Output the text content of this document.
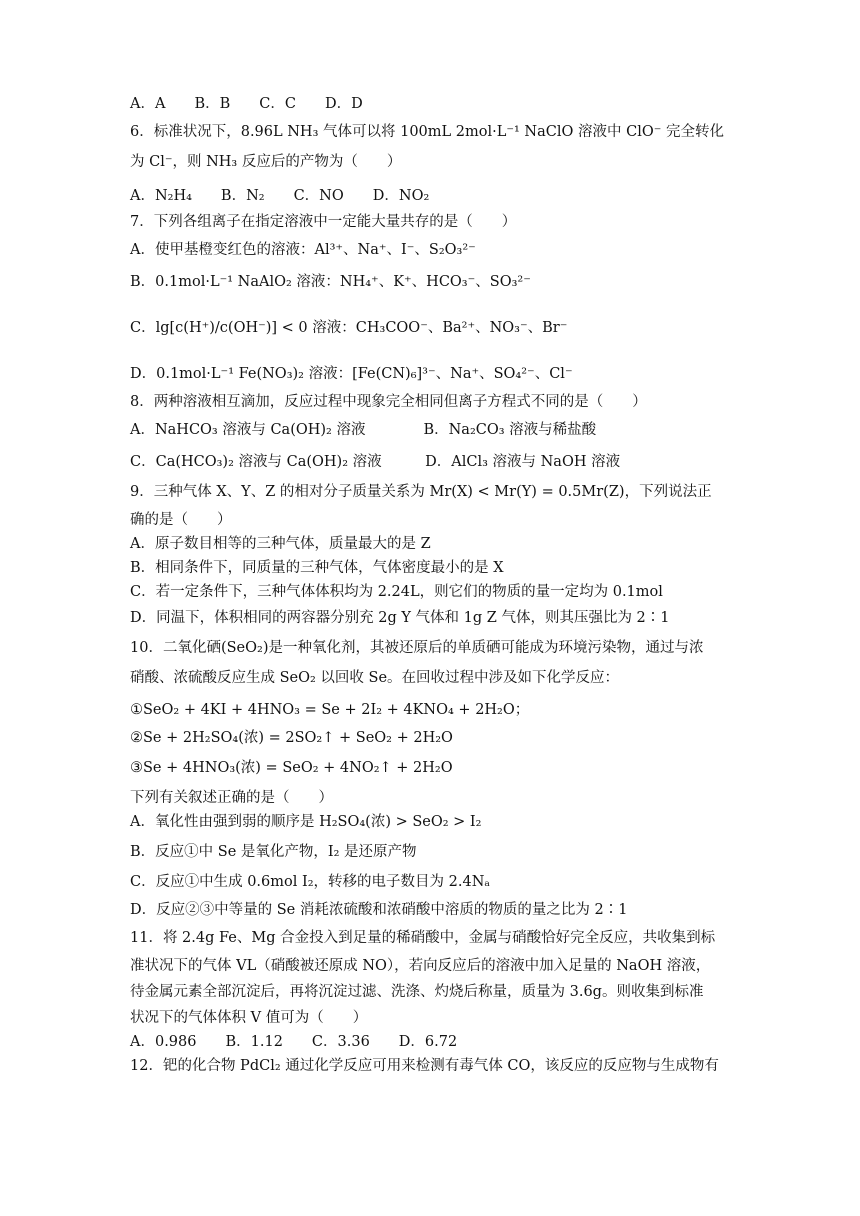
A．A　　B．B　　C．C　　D．D
6．标准状况下，8.96L NH₃ 气体可以将 100mL 2mol·L⁻¹ NaClO 溶液中 ClO⁻ 完全转化
为 Cl⁻，则 NH₃ 反应后的产物为（　　）
A．N₂H₄　　B．N₂　　C．NO　　D．NO₂
7．下列各组离子在指定溶液中一定能大量共存的是（　　）
A．使甲基橙变红色的溶液：Al³⁺、Na⁺、I⁻、S₂O₃²⁻
B．0.1mol·L⁻¹ NaAlO₂ 溶液：NH₄⁺、K⁺、HCO₃⁻、SO₃²⁻
C．lg[c(H⁺)/c(OH⁻)] < 0 溶液：CH₃COO⁻、Ba²⁺、NO₃⁻、Br⁻
D．0.1mol·L⁻¹ Fe(NO₃)₂ 溶液：[Fe(CN)₆]³⁻、Na⁺、SO₄²⁻、Cl⁻
8．两种溶液相互滴加，反应过程中现象完全相同但离子方程式不同的是（　　）
A．NaHCO₃ 溶液与 Ca(OH)₂ 溶液　　　　B．Na₂CO₃ 溶液与稀盐酸
C．Ca(HCO₃)₂ 溶液与 Ca(OH)₂ 溶液　　　D．AlCl₃ 溶液与 NaOH 溶液
9．三种气体 X、Y、Z 的相对分子质量关系为 Mr(X) < Mr(Y) = 0.5Mr(Z)，下列说法正
确的是（　　）
A．原子数目相等的三种气体，质量最大的是 Z
B．相同条件下，同质量的三种气体，气体密度最小的是 X
C．若一定条件下，三种气体体积均为 2.24L，则它们的物质的量一定均为 0.1mol
D．同温下，体积相同的两容器分别充 2g Y 气体和 1g Z 气体，则其压强比为 2∶1
10．二氧化硒(SeO₂)是一种氧化剂，其被还原后的单质硒可能成为环境污染物，通过与浓
硝酸、浓硫酸反应生成 SeO₂ 以回收 Se。在回收过程中涉及如下化学反应：
①SeO₂ + 4KI + 4HNO₃ = Se + 2I₂ + 4KNO₄ + 2H₂O；
②Se + 2H₂SO₄(浓) = 2SO₂↑ + SeO₂ + 2H₂O
③Se + 4HNO₃(浓) = SeO₂ + 4NO₂↑ + 2H₂O
下列有关叙述正确的是（　　）
A．氧化性由强到弱的顺序是 H₂SO₄(浓) > SeO₂ > I₂
B．反应①中 Se 是氧化产物，I₂ 是还原产物
C．反应①中生成 0.6mol I₂，转移的电子数目为 2.4Nₐ
D．反应②③中等量的 Se 消耗浓硫酸和浓硝酸中溶质的物质的量之比为 2∶1
11．将 2.4g Fe、Mg 合金投入到足量的稀硝酸中，金属与硝酸恰好完全反应，共收集到标
准状况下的气体 VL（硝酸被还原成 NO），若向反应后的溶液中加入足量的 NaOH 溶液，
待金属元素全部沉淀后，再将沉淀过滤、洗涤、灼烧后称量，质量为 3.6g。则收集到标准
状况下的气体体积 V 值可为（　　）
A．0.986　　B．1.12　　C．3.36　　D．6.72
12．钯的化合物 PdCl₂ 通过化学反应可用来检测有毒气体 CO，该反应的反应物与生成物有
